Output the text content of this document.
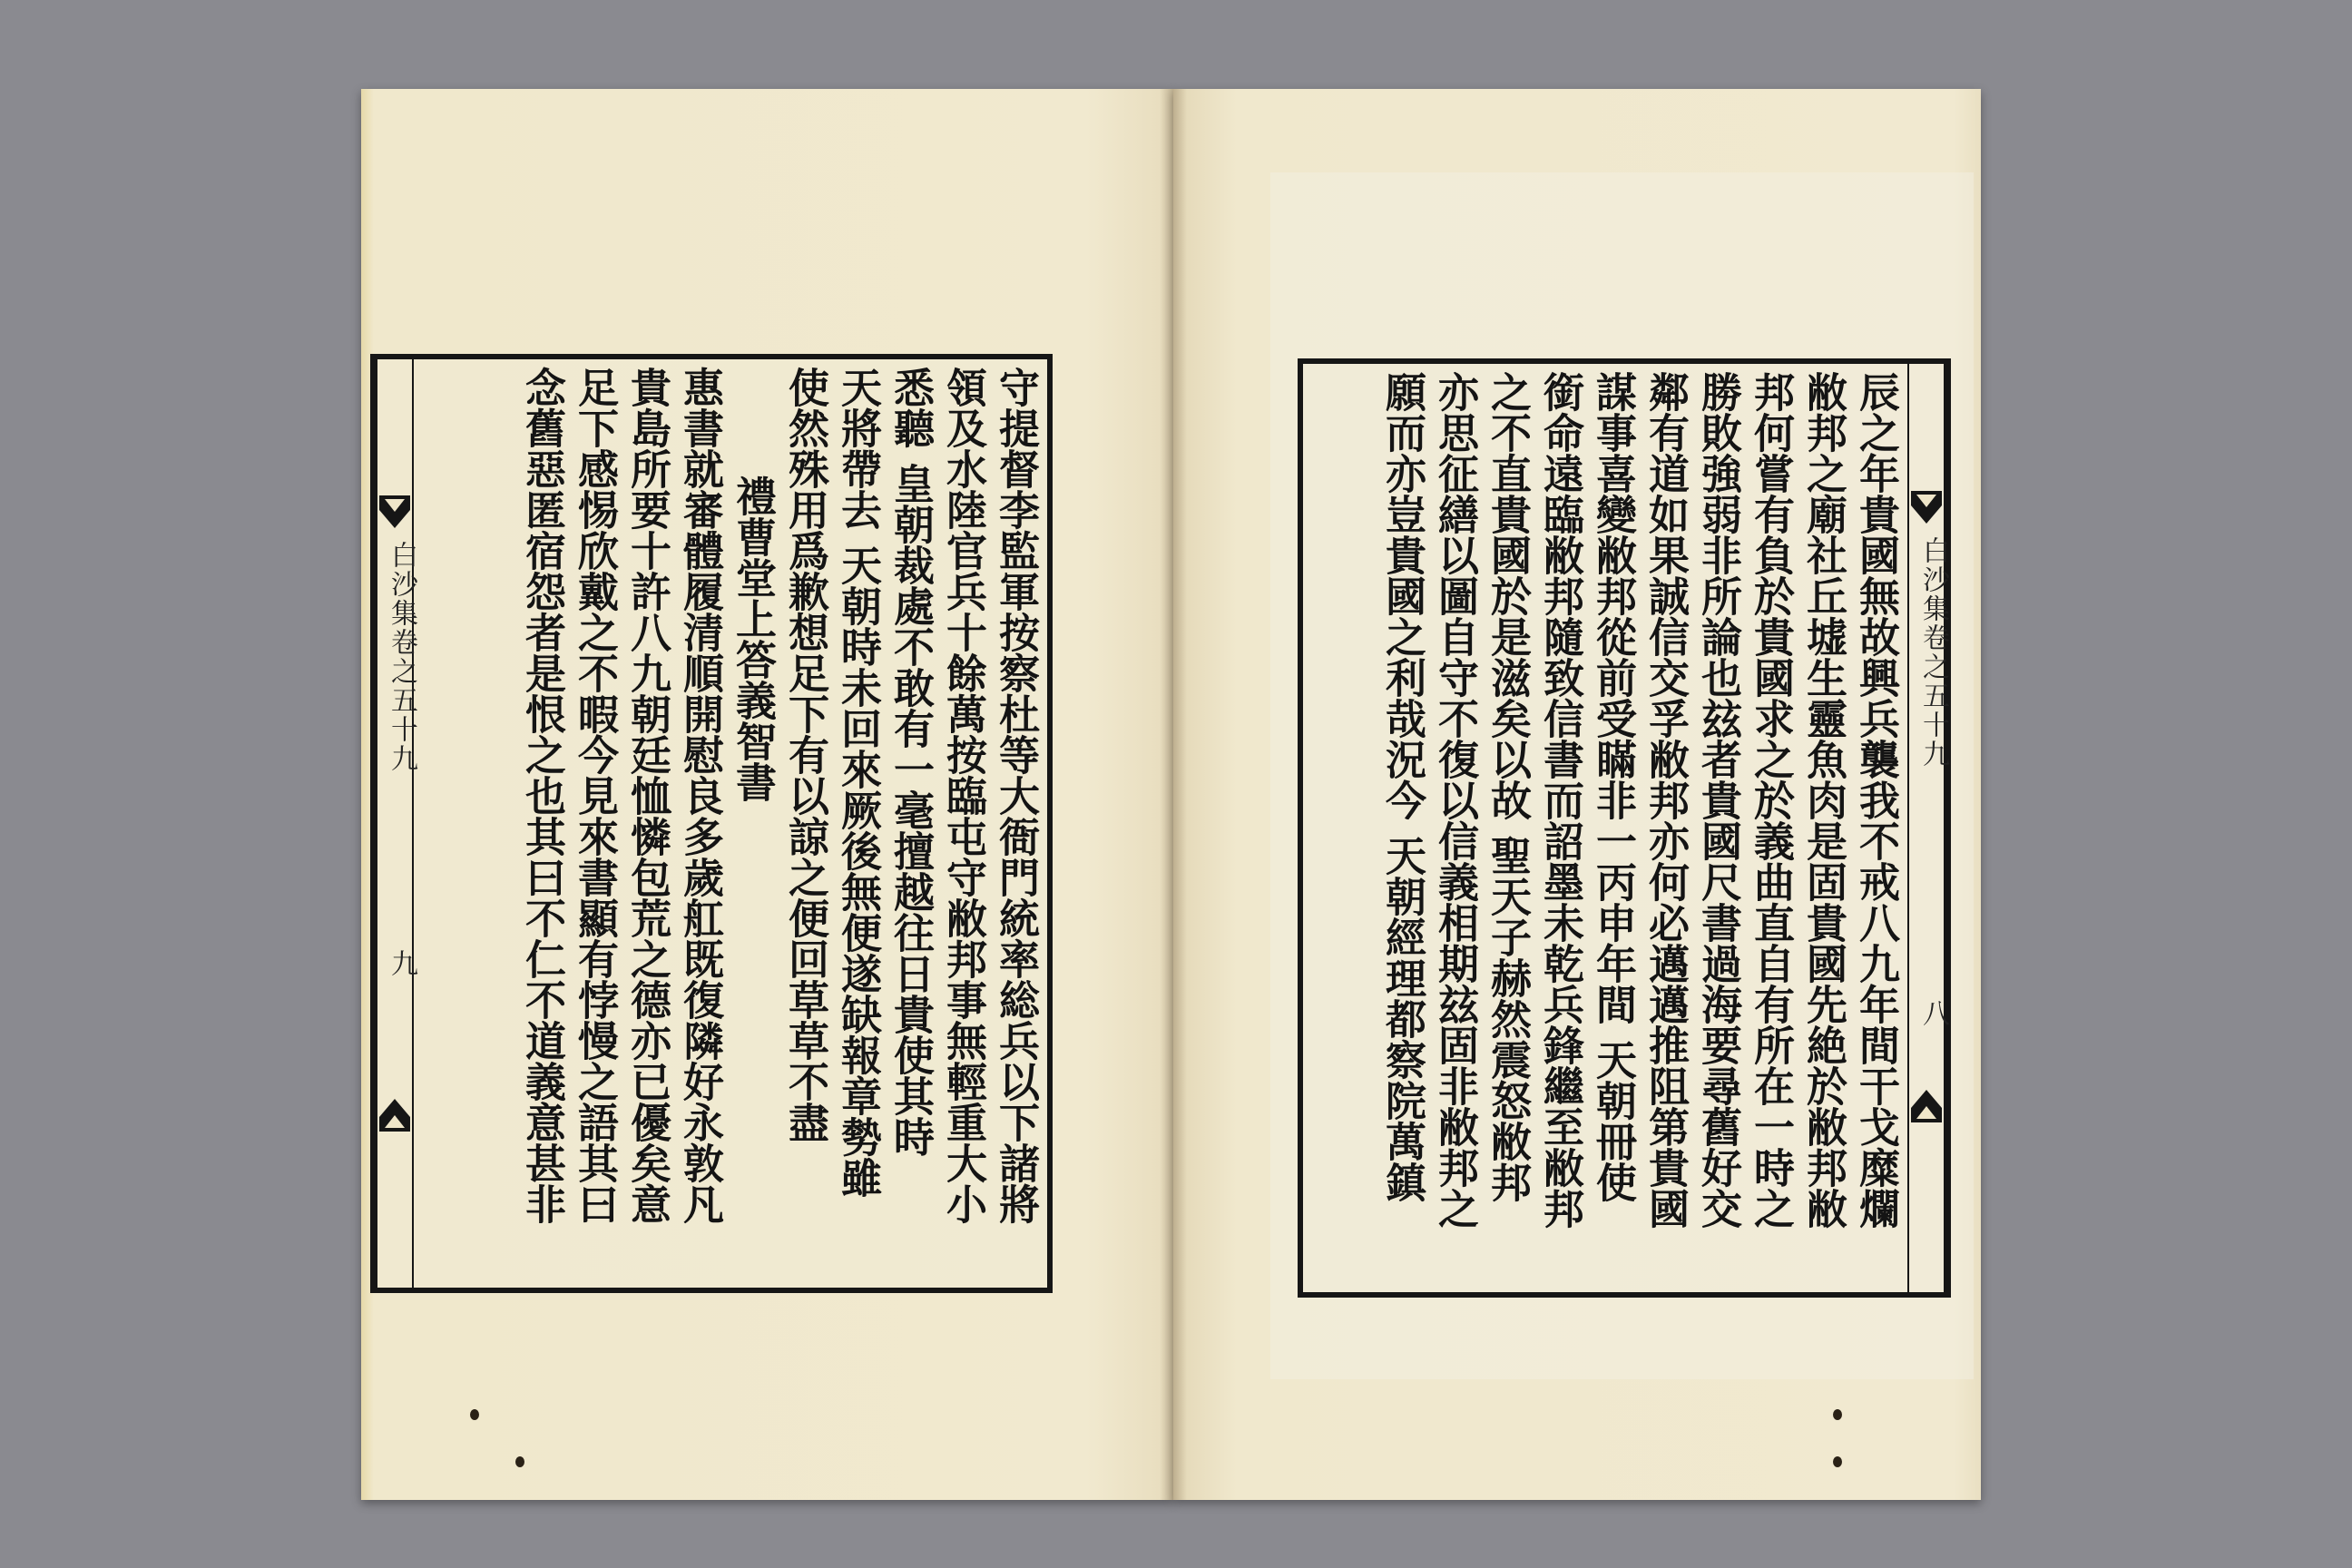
白沙集卷之五十九
九	守提督李監軍按察杜等大衙門統率総兵以下諸將
領及水陸官兵十餘萬按臨屯守敝邦事無輕重大小
悉聽 皇朝裁處不敢有一毫擅越往日貴使其時
天將帶去 天朝時未回來厥後無便遂缺報章勢雖
使然殊用爲歉想足下有以諒之便回草草不盡
禮曹堂上答義智書
惠書就審體履清順開慰良多歲舡既復隣好永敦凡
貴島所要十許八九朝廷恤憐包荒之德亦已優矣意
足下感惕欣戴之不暇今見來書顯有悖慢之語其曰
念舊惡匿宿怨者是恨之也其曰不仁不道義意甚非	白沙集卷之五十九
八
辰之年貴國無故興兵襲我不戒八九年間干戈糜爛
敝邦之廟社丘墟生靈魚肉是固貴國先絶於敝邦敝
邦何嘗有負於貴國求之於義曲直自有所在一時之
勝敗強弱非所論也玆者貴國尺書過海要尋舊好交
鄰有道如果誠信交孚敝邦亦何必邁邁推阻第貴國
謀事喜變敝邦從前受瞞非一丙申年間 天朝冊使
銜命遠臨敝邦隨致信書而詔墨未乾兵鋒繼至敝邦
之不直貴國於是滋矣以故 聖天子赫然震怒敝邦
亦思征繕以圖自守不復以信義相期玆固非敝邦之
願而亦豈貴國之利哉況今 天朝經理都察院萬鎮
